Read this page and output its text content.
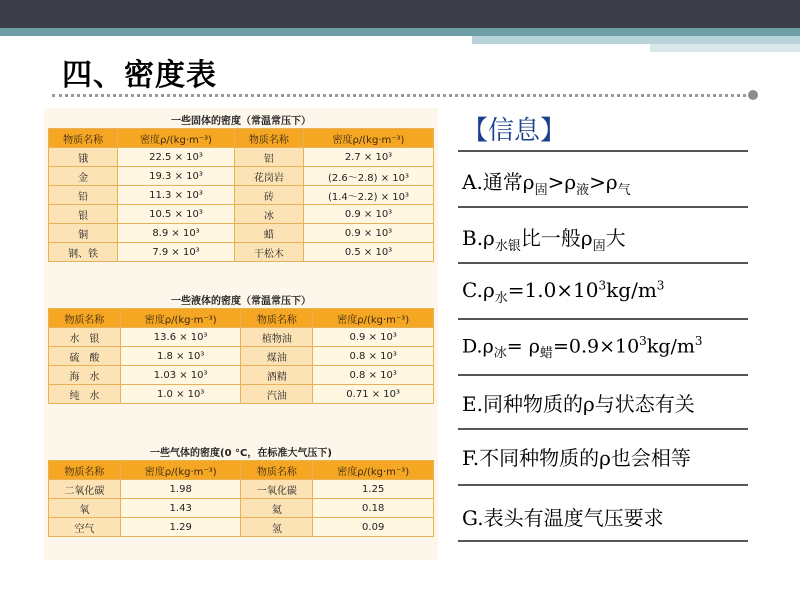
四、密度表
一些固体的密度（常温常压下）
物质名称	密度ρ/(kg·m⁻³)	物质名称	密度ρ/(kg·m⁻³)
锇	22.5 × 10³	铝	2.7 × 10³
金	19.3 × 10³	花岗岩	(2.6～2.8) × 10³
铅	11.3 × 10³	砖	(1.4～2.2) × 10³
银	10.5 × 10³	冰	0.9 × 10³
铜	8.9 × 10³	蜡	0.9 × 10³
钢、铁	7.9 × 10³	干松木	0.5 × 10³
一些液体的密度（常温常压下）
物质名称	密度ρ/(kg·m⁻³)	物质名称	密度ρ/(kg·m⁻³)
水　银	13.6 × 10³	植物油	0.9 × 10³
硫　酸	1.8 × 10³	煤油	0.8 × 10³
海　水	1.03 × 10³	酒精	0.8 × 10³
纯　水	1.0 × 10³	汽油	0.71 × 10³
一些气体的密度(0 °C，在标准大气压下)
物质名称	密度ρ/(kg·m⁻³)	物质名称	密度ρ/(kg·m⁻³)
二氧化碳	1.98	一氧化碳	1.25
氧	1.43	氦	0.18
空气	1.29	氢	0.09
【信息】
A.通常$\rho_固>\rho_液>\rho_气$
$B.\rho_{水银}$比一般$\rho_固$大
$C.\rho_水=1.0\times 10^3kg/m^3$
$D.\rho_冰= \rho_蜡=0.9\times 10^3kg/m^3$
E.同种物质的ρ与状态有关
F.不同种物质的ρ也会相等
G.表头有温度气压要求
